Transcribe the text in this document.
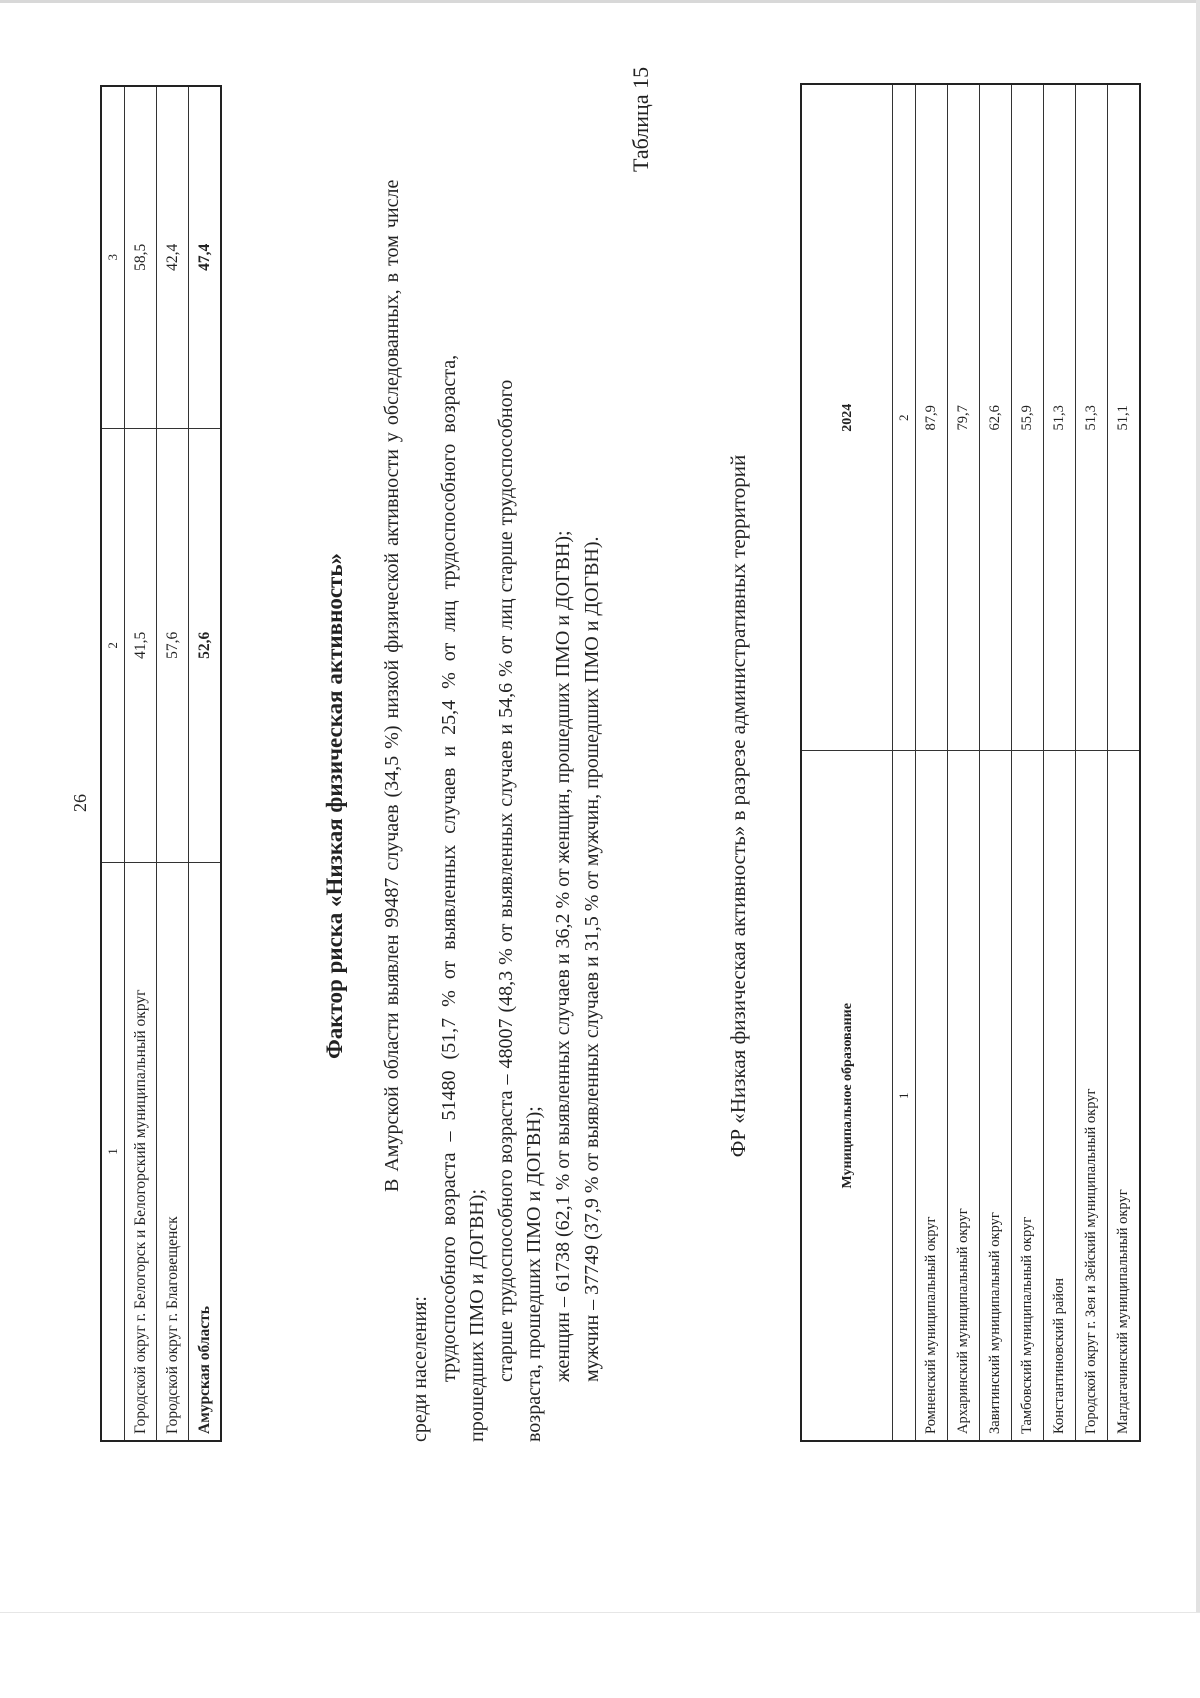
26
1	2	3
Городской округ г. Белогорск и Белогорский муниципальный округ	41,5	58,5
Городской округ г. Благовещенск	57,6	42,4
Амурская область	52,6	47,4
Фактор риска «Низкая физическая активность» В Амурской области выявлен 99487 случаев (34,5 %) низкой физической активности у обследованных, в том числе
среди населения: трудоспособного возраста – 51480 (51,7 % от выявленных случаев и 25,4 % от лиц трудоспособного возраста, прошедших ПМО и ДОГВН); старше трудоспособного возраста – 48007 (48,3 % от выявленных случаев и 54,6 % от лиц старше трудоспособного возраста, прошедших ПМО и ДОГВН); женщин – 61738 (62,1 % от выявленных случаев и 36,2 % от женщин, прошедших ПМО и ДОГВН); мужчин – 37749 (37,9 % от выявленных случаев и 31,5 % от мужчин, прошедших ПМО и ДОГВН).
Таблица 15
ФР «Низкая физическая активность» в разрезе административных территорий	Муниципальное образование	2024
1	2
Ромненский муниципальный округ	87,9
Архаринский муниципальный округ	79,7
Завитинский муниципальный округ	62,6
Тамбовский муниципальный округ	55,9
Константиновский район	51,3
Городской округ г. Зея и Зейский муниципальный округ	51,3
Магдагачинский муниципальный округ	51,1
